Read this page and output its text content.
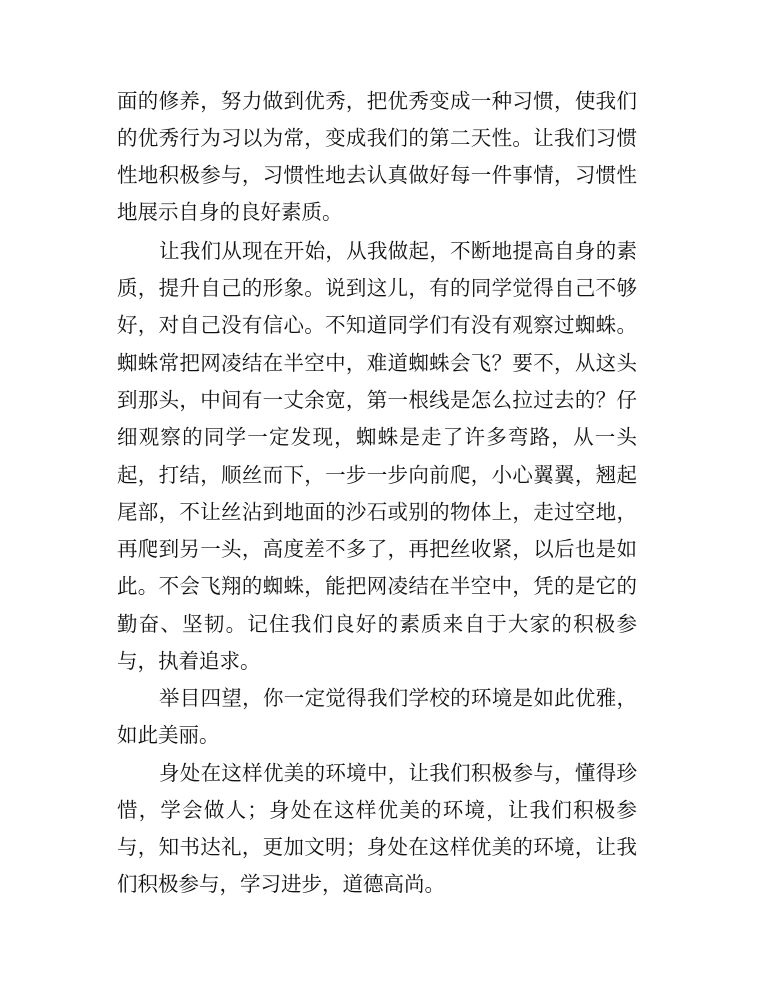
面的修养，努力做到优秀，把优秀变成一种习惯，使我们
的优秀行为习以为常，变成我们的第二天性。让我们习惯
性地积极参与，习惯性地去认真做好每一件事情，习惯性
地展示自身的良好素质。
让我们从现在开始，从我做起，不断地提高自身的素
质，提升自己的形象。说到这儿，有的同学觉得自己不够
好，对自己没有信心。不知道同学们有没有观察过蜘蛛。
蜘蛛常把网凌结在半空中，难道蜘蛛会飞？要不，从这头
到那头，中间有一丈余宽，第一根线是怎么拉过去的？仔
细观察的同学一定发现，蜘蛛是走了许多弯路，从一头
起，打结，顺丝而下，一步一步向前爬，小心翼翼，翘起
尾部，不让丝沾到地面的沙石或别的物体上，走过空地，
再爬到另一头，高度差不多了，再把丝收紧，以后也是如
此。不会飞翔的蜘蛛，能把网凌结在半空中，凭的是它的
勤奋、坚韧。记住我们良好的素质来自于大家的积极参
与，执着追求。
举目四望，你一定觉得我们学校的环境是如此优雅，
如此美丽。
身处在这样优美的环境中，让我们积极参与，懂得珍
惜，学会做人；身处在这样优美的环境，让我们积极参
与，知书达礼，更加文明；身处在这样优美的环境，让我
们积极参与，学习进步，道德高尚。
